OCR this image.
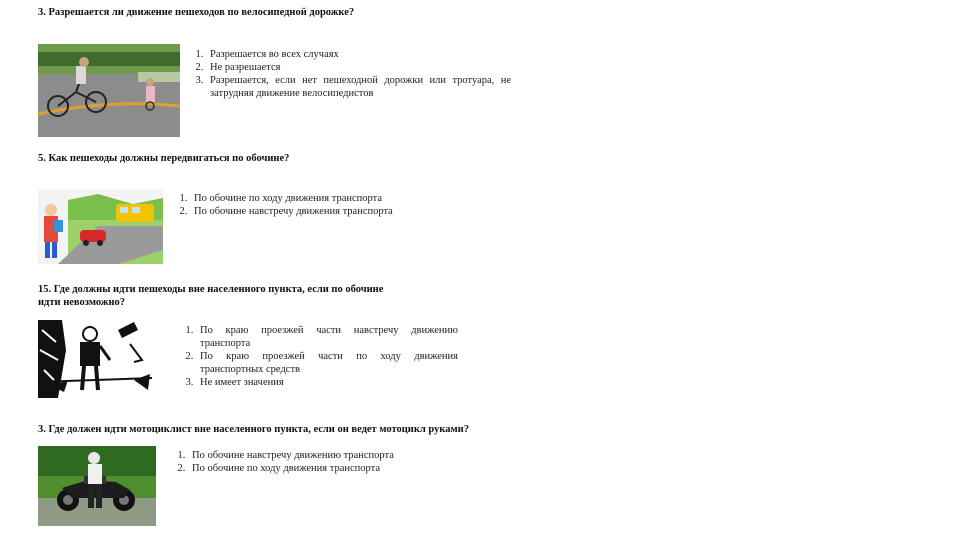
3. Разрешается ли движение пешеходов по велосипедной дорожке?
1. Разрешается во всех случаях
2. Не разрешается
3. Разрешается, если нет пешеходной дорожки или тротуара, не затрудняя движение велосипедистов
5. Как пешеходы должны передвигаться по обочине?
1. По обочине по ходу движения транспорта
2. По обочине навстречу движения транспорта
15. Где должны идти пешеходы вне населенного пункта, если по обочине
идти невозможно?
1. По краю проезжей части навстречу движению транспорта
2. По краю проезжей части по ходу движения транспортных средств
3. Не имеет значения
3. Где должен идти мотоциклист вне населенного пункта, если он ведет мотоцикл руками?
1. По обочине навстречу движению транспорта
2. По обочине по ходу движения транспорта
